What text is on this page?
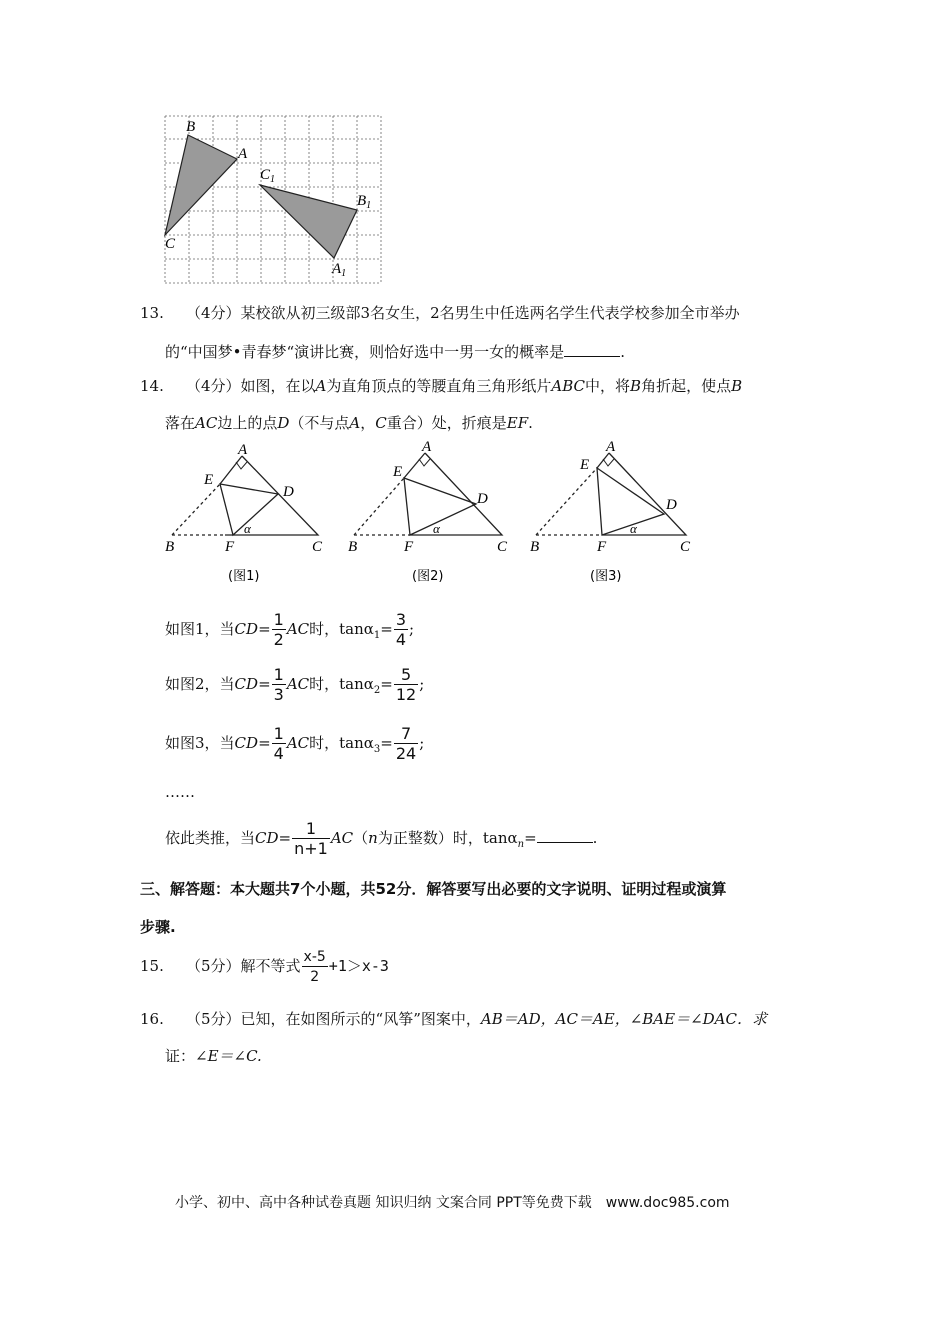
B
A
C
$C_1$
$B_1$
$A_1$
13. （4分）某校欲从初三级部3名女生，2名男生中任选两名学生代表学校参加全市举办
的“中国梦•青春梦“演讲比赛，则恰好选中一男一女的概率是	.
14. （4分）如图，在以A为直角顶点的等腰直角三角形纸片ABC中，将B角折起，使点B
落在AC边上的点D（不与点A，C重合）处，折痕是EF.
A
E
D
B	F	C
α
(图1)
A
E
D
B	F	C
α
(图2)
A
E
D
B	F	C
α
(图3)
如图1，当$CD= \frac{1}{2}$ AC时，$\tan\alpha_1= \frac{3}{4}$ ;
如图2，当$CD= \frac{1}{3}$ AC时，$\tan\alpha_2= \frac{5}{12}$ ;
如图3，当$CD= \frac{1}{4}$ AC时，$\tan\alpha_3= \frac{7}{24}$ ;
……
依此类推，当$CD= \frac{1}{n+1} AC(n$为正整数）时，tanα$_n$=	.
三、解答题：本大题共7个小题，共52分．解答要写出必要的文字说明、证明过程或演算
步骤.
15. （5分）解不等式 $\frac{x-5}{2} +1>x-3$
16. （5分）已知，在如图所示的“风筝”图案中，AB＝AD，AC＝AE，∠BAE＝∠DAC．求
证：∠E＝∠C.
小学、初中、高中各种试卷真题 知识归纳 文案合同 PPT等免费下载　www.doc985.com
